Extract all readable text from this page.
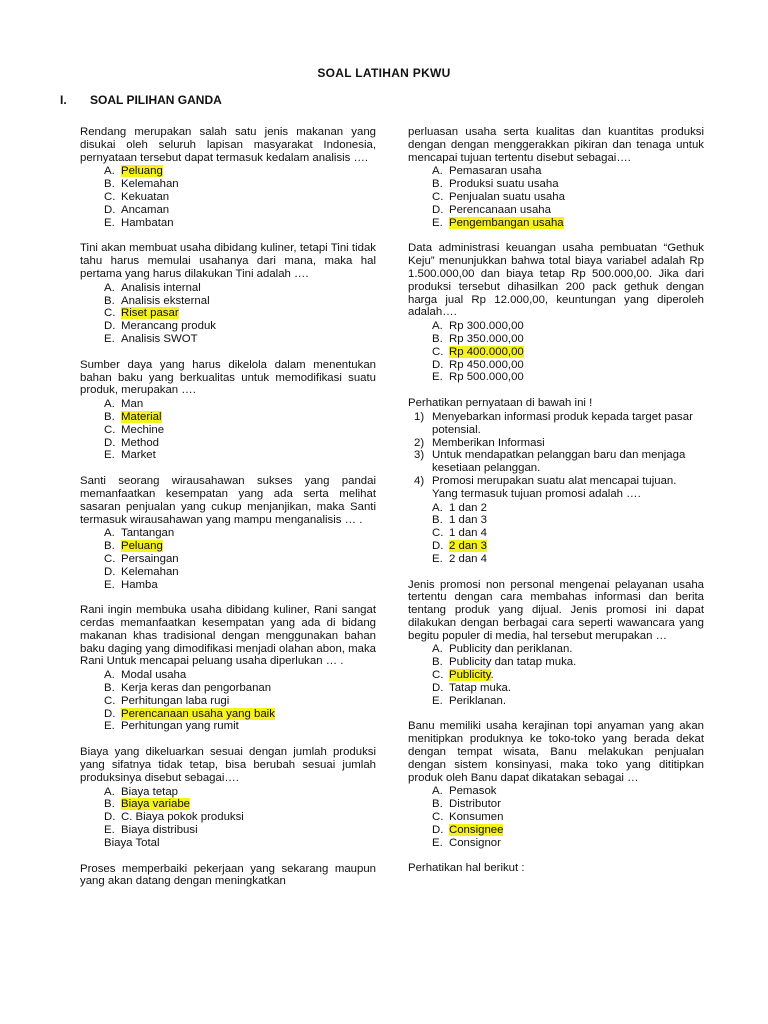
SOAL LATIHAN PKWU
I. SOAL PILIHAN GANDA
Rendang merupakan salah satu jenis makanan yang disukai oleh seluruh lapisan masyarakat Indonesia, pernyataan tersebut dapat termasuk kedalam analisis ….
A. Peluang
B. Kelemahan
C. Kekuatan
D. Ancaman
E. Hambatan
Tini akan membuat usaha dibidang kuliner, tetapi Tini tidak tahu harus memulai usahanya dari mana, maka hal pertama yang harus dilakukan Tini adalah ….
A. Analisis internal
B. Analisis eksternal
C. Riset pasar
D. Merancang produk
E. Analisis SWOT
Sumber daya yang harus dikelola dalam menentukan bahan baku yang berkualitas untuk memodifikasi suatu produk, merupakan ….
A. Man
B. Material
C. Mechine
D. Method
E. Market
Santi seorang wirausahawan sukses yang pandai memanfaatkan kesempatan yang ada serta melihat sasaran penjualan yang cukup menjanjikan, maka Santi termasuk wirausahawan yang mampu menganalisis … .
A. Tantangan
B. Peluang
C. Persaingan
D. Kelemahan
E. Hamba
Rani ingin membuka usaha dibidang kuliner, Rani sangat cerdas memanfaatkan kesempatan yang ada di bidang makanan khas tradisional dengan menggunakan bahan baku daging yang dimodifikasi menjadi olahan abon, maka Rani Untuk mencapai peluang usaha diperlukan … .
A. Modal usaha
B. Kerja keras dan pengorbanan
C. Perhitungan laba rugi
D. Perencanaan usaha yang baik
E. Perhitungan yang rumit
Biaya yang dikeluarkan sesuai dengan jumlah produksi yang sifatnya tidak tetap, bisa berubah sesuai jumlah produksinya disebut sebagai….
A. Biaya tetap
B. Biaya variabe
D. C. Biaya pokok produksi
E. Biaya distribusi
Biaya Total
Proses memperbaiki pekerjaan yang sekarang maupun yang akan datang dengan meningkatkan
perluasan usaha serta kualitas dan kuantitas produksi dengan dengan menggerakkan pikiran dan tenaga untuk mencapai tujuan tertentu disebut sebagai….
A. Pemasaran usaha
B. Produksi suatu usaha
C. Penjualan suatu usaha
D. Perencanaan usaha
E. Pengembangan usaha
Data administrasi keuangan usaha pembuatan “Gethuk Keju” menunjukkan bahwa total biaya variabel adalah Rp 1.500.000,00 dan biaya tetap Rp 500.000,00. Jika dari produksi tersebut dihasilkan 200 pack gethuk dengan harga jual Rp 12.000,00, keuntungan yang diperoleh adalah….
A. Rp 300.000,00
B. Rp 350.000,00
C. Rp 400.000,00
D. Rp 450.000,00
E. Rp 500.000,00
Perhatikan pernyataan di bawah ini !
1) Menyebarkan informasi produk kepada target pasar potensial.
2) Memberikan Informasi
3) Untuk mendapatkan pelanggan baru dan menjaga kesetiaan pelanggan.
4) Promosi merupakan suatu alat mencapai tujuan. Yang termasuk tujuan promosi adalah ….
A. 1 dan 2
B. 1 dan 3
C. 1 dan 4
D. 2 dan 3
E. 2 dan 4
Jenis promosi non personal mengenai pelayanan usaha tertentu dengan cara membahas informasi dan berita tentang produk yang dijual. Jenis promosi ini dapat dilakukan dengan berbagai cara seperti wawancara yang begitu populer di media, hal tersebut merupakan …
A. Publicity dan periklanan.
B. Publicity dan tatap muka.
C. Publicity.
D. Tatap muka.
E. Periklanan.
Banu memiliki usaha kerajinan topi anyaman yang akan menitipkan produknya ke toko-toko yang berada dekat dengan tempat wisata, Banu melakukan penjualan dengan sistem konsinyasi, maka toko yang dititipkan produk oleh Banu dapat dikatakan sebagai …
A. Pemasok
B. Distributor
C. Konsumen
D. Consignee
E. Consignor
Perhatikan hal berikut :
